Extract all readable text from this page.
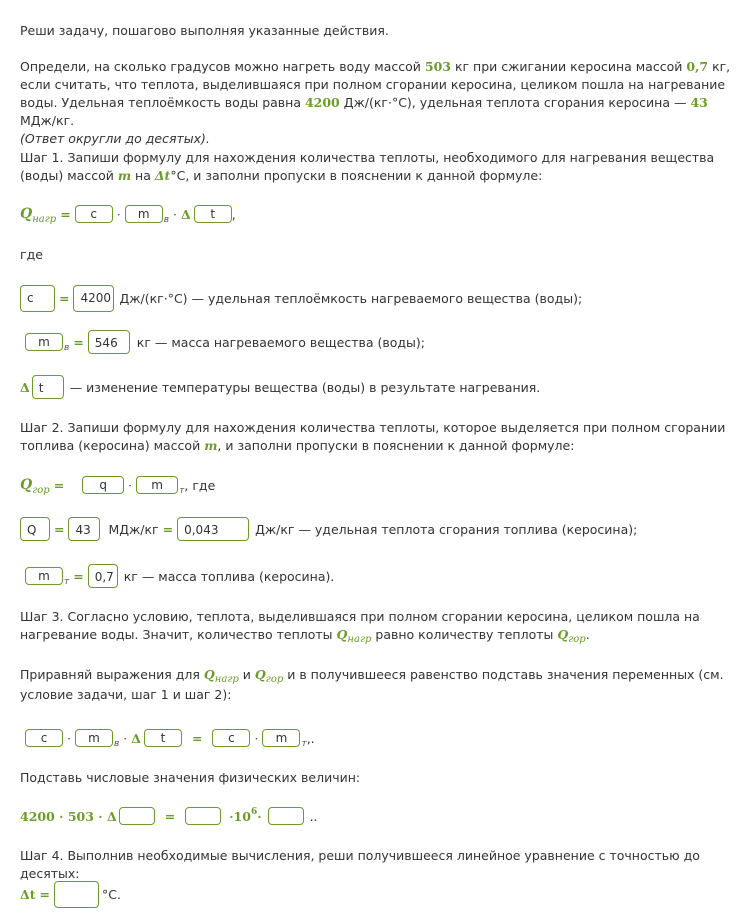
Реши задачу, пошагово выполняя указанные действия.
Определи, на сколько градусов можно нагреть воду массой 503 кг при сжигании керосина массой 0,7 кг, если считать, что теплота, выделившаяся при полном сгорании керосина, целиком пошла на нагревание воды. Удельная теплоёмкость воды равна 4200 Дж/(кг·°С), удельная теплота сгорания керосина — 43 МДж/кг.
(Ответ округли до десятых).
Шаг 1. Запиши формулу для нахождения количества теплоты, необходимого для нагревания вещества (воды) массой m на Δt°С, и заполни пропуски в пояснении к данной формуле:
Q нагр =	c	·	m	в · Δ	t	,
где
c	= 4200 Дж/(кг·°С) — удельная теплоёмкость нагреваемого вещества (воды);
m	в = 546	кг — масса нагреваемого вещества (воды);
Δ t	— изменение температуры вещества (воды) в результате нагревания.
Шаг 2. Запиши формулу для нахождения количества теплоты, которое выделяется при полном сгорании топлива (керосина) массой m, и заполни пропуски в пояснении к данной формуле:
Q гор =	q	·	m	т , где
Q	= 43	МДж/кг = 0,043	Дж/кг — удельная теплота сгорания топлива (керосина);
m	т = 0,7 кг — масса топлива (керосина).
Шаг 3. Согласно условию, теплота, выделившаяся при полном сгорании керосина, целиком пошла на нагревание воды. Значит, количество теплоты $Q_{нагр}$ равно количеству теплоты $Q_{гор}$.
Приравняй выражения для $Q_{нагр}$ и $Q_{гор}$ и в получившееся равенство подставь значения переменных (см. условие задачи, шаг 1 и шаг 2):
c	·	m	в · Δ	t	=	c	·	m	т ,.
Подставь числовые значения физических величин:
4200 · 503 · Δ	=	$\cdot 10^6$ ·	..
Шаг 4. Выполнив необходимые вычисления, реши получившееся линейное уравнение с точностью до десятых:
Δt =	°С.
